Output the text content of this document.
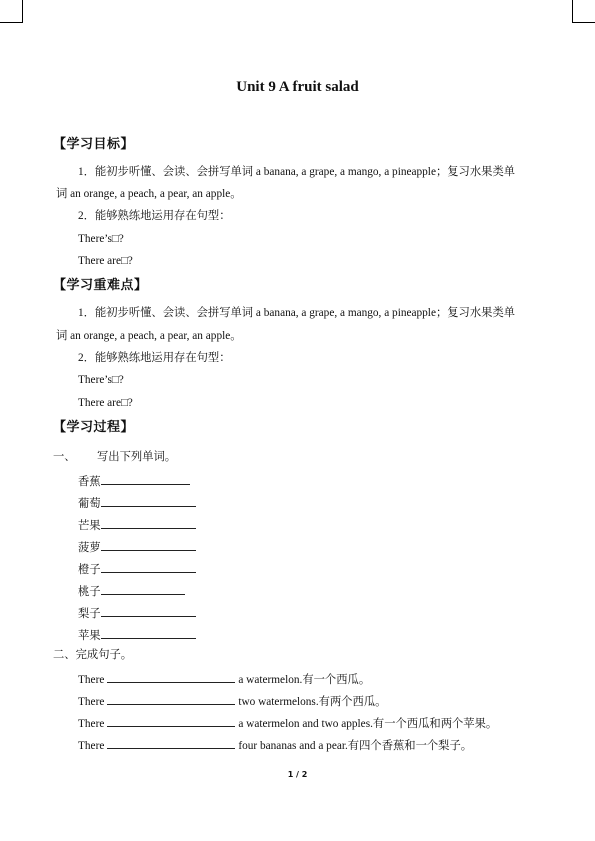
Unit 9 A fruit salad
【学习目标】
1．能初步听懂、会读、会拼写单词 a banana, a grape, a mango, a pineapple；复习水果类单
词 an orange, a peach, a pear, an apple。
2．能够熟练地运用存在句型：
There’s□?
There are□?
【学习重难点】
1．能初步听懂、会读、会拼写单词 a banana, a grape, a mango, a pineapple；复习水果类单
词 an orange, a peach, a pear, an apple。
2．能够熟练地运用存在句型：
There’s□?
There are□?
【学习过程】
一、 写出下列单词。
香蕉
葡萄
芒果
菠萝
橙子
桃子
梨子
苹果
二、完成句子。
There	a watermelon.有一个西瓜。
There	two watermelons.有两个西瓜。
There	a watermelon and two apples.有一个西瓜和两个苹果。
There	four bananas and a pear.有四个香蕉和一个梨子。
1 / 2
